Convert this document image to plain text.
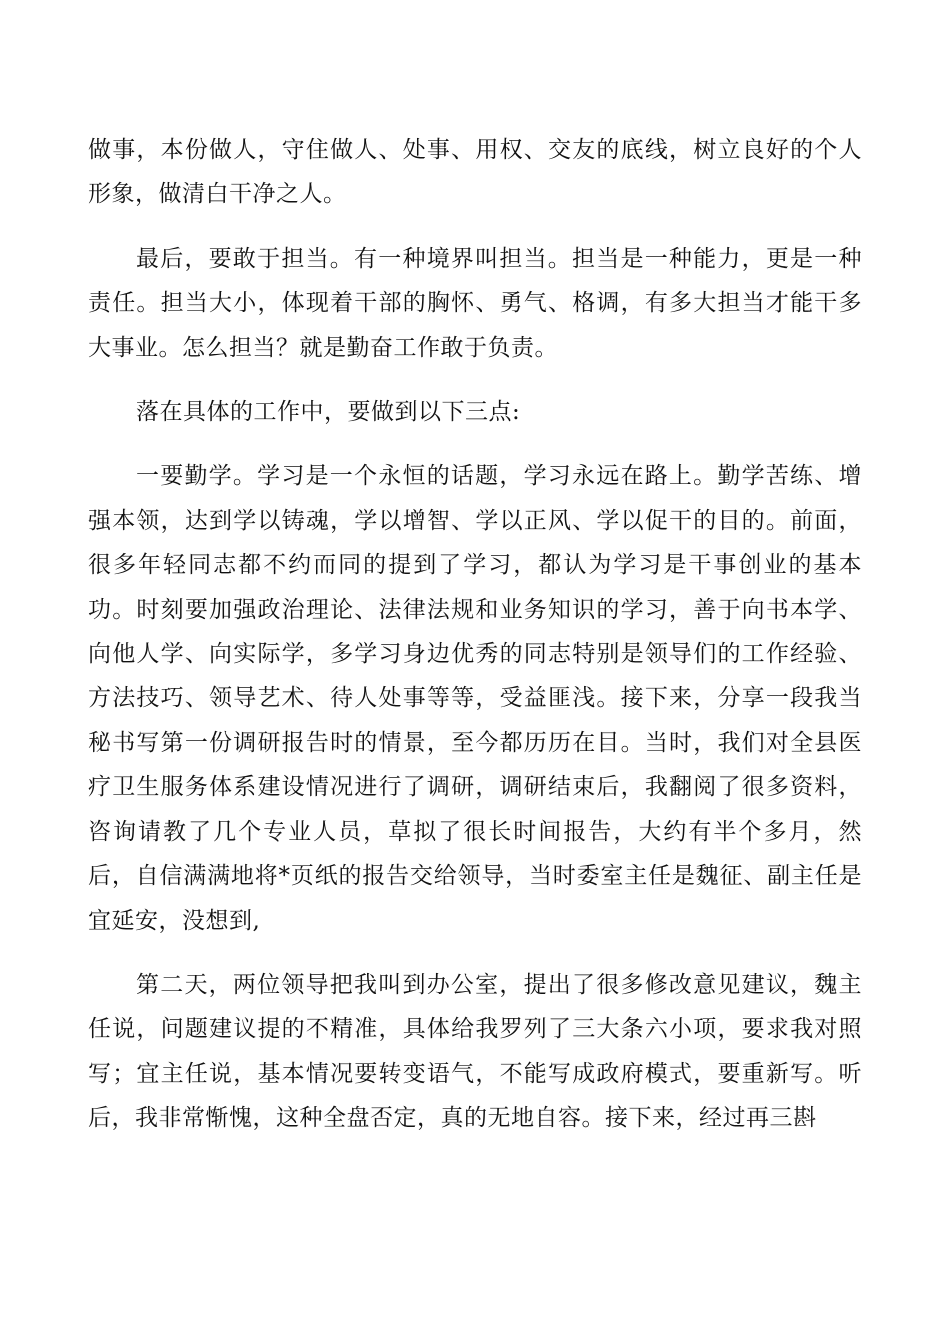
做事，本份做人，守住做人、处事、用权、交友的底线，树立良好的个人形象，做清白干净之人。

最后，要敢于担当。有一种境界叫担当。担当是一种能力，更是一种责任。担当大小，体现着干部的胸怀、勇气、格调，有多大担当才能干多大事业。怎么担当？就是勤奋工作敢于负责。

落在具体的工作中，要做到以下三点:

一要勤学。学习是一个永恒的话题，学习永远在路上。勤学苦练、增强本领，达到学以铸魂，学以增智、学以正风、学以促干的目的。前面，很多年轻同志都不约而同的提到了学习，都认为学习是干事创业的基本功。时刻要加强政治理论、法律法规和业务知识的学习，善于向书本学、向他人学、向实际学，多学习身边优秀的同志特别是领导们的工作经验、方法技巧、领导艺术、待人处事等等，受益匪浅。接下来，分享一段我当秘书写第一份调研报告时的情景，至今都历历在目。当时，我们对全县医疗卫生服务体系建设情况进行了调研，调研结束后，我翻阅了很多资料，咨询请教了几个专业人员，草拟了很长时间报告，大约有半个多月，然后，自信满满地将*页纸的报告交给领导，当时委室主任是魏征、副主任是宜延安，没想到,

第二天，两位领导把我叫到办公室，提出了很多修改意见建议，魏主任说，问题建议提的不精准，具体给我罗列了三大条六小项，要求我对照写；宜主任说，基本情况要转变语气，不能写成政府模式，要重新写。听后，我非常惭愧，这种全盘否定，真的无地自容。接下来，经过再三斟
